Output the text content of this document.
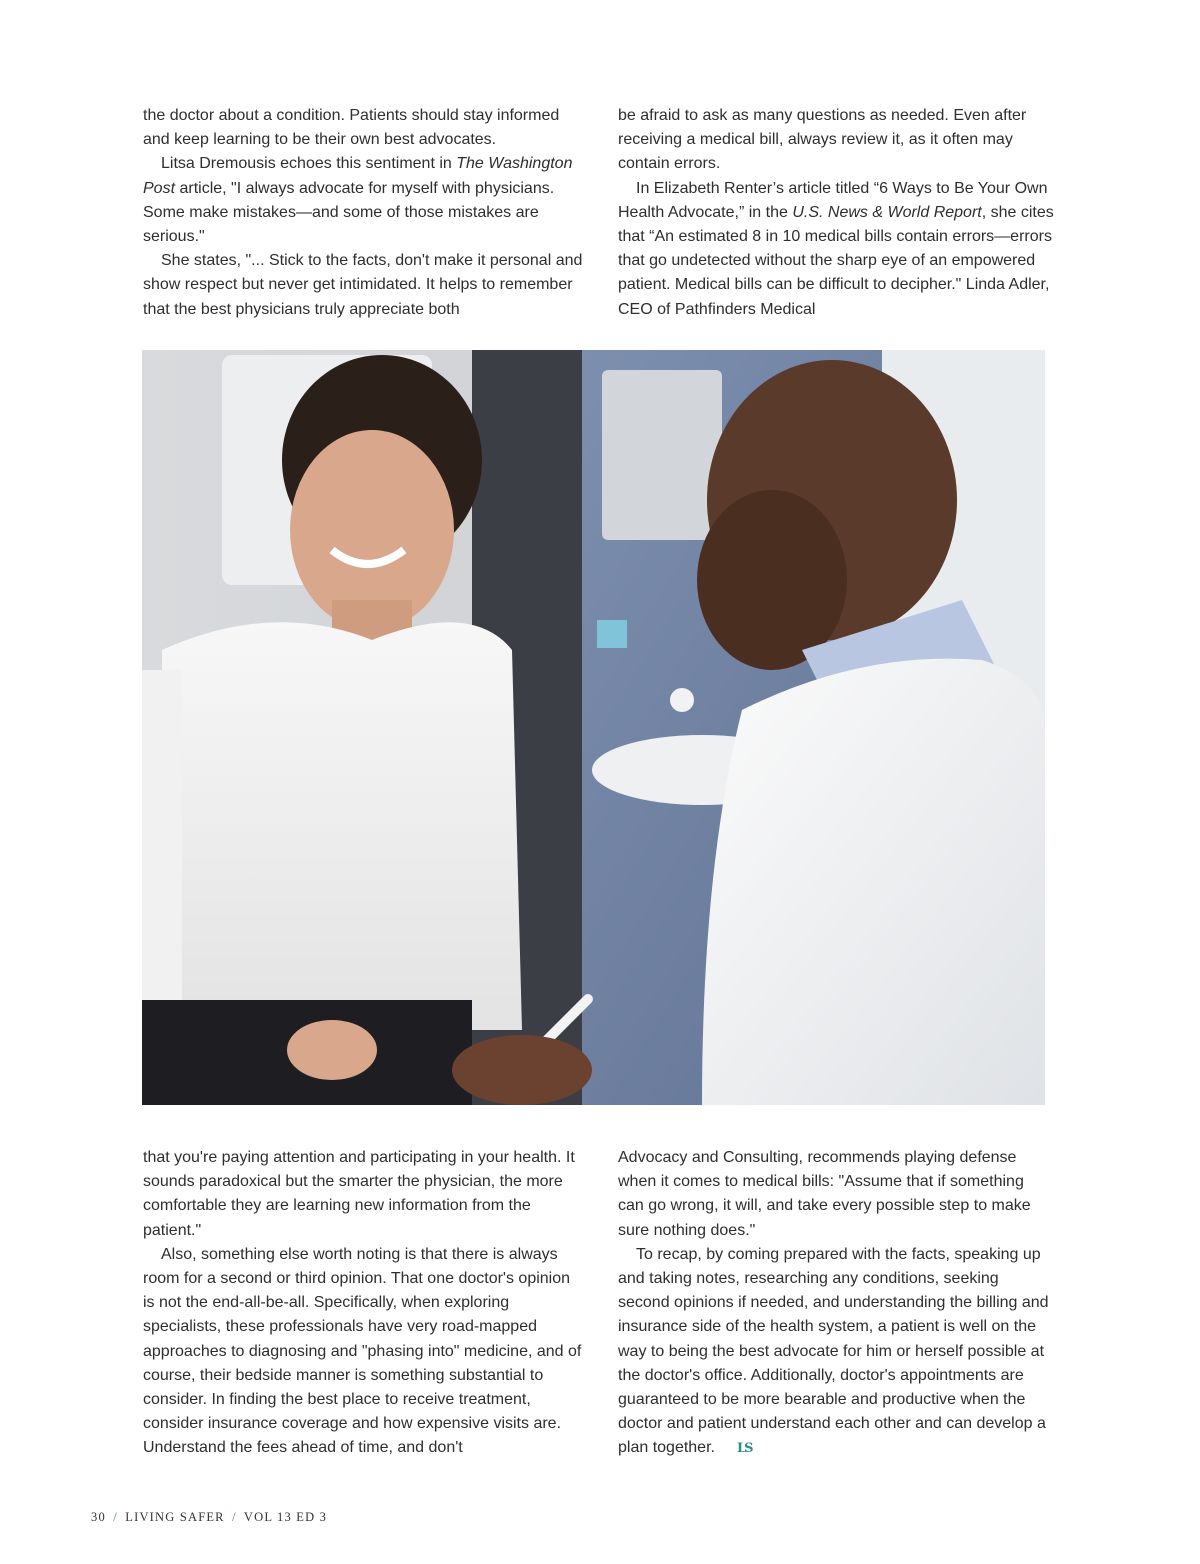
the doctor about a condition. Patients should stay informed and keep learning to be their own best advocates.

Litsa Dremousis echoes this sentiment in The Washington Post article, "I always advocate for myself with physicians. Some make mistakes—and some of those mistakes are serious."

She states, "... Stick to the facts, don't make it personal and show respect but never get intimidated. It helps to remember that the best physicians truly appreciate both

be afraid to ask as many questions as needed. Even after receiving a medical bill, always review it, as it often may contain errors.

In Elizabeth Renter’s article titled “6 Ways to Be Your Own Health Advocate,” in the U.S. News & World Report, she cites that “An estimated 8 in 10 medical bills contain errors—errors that go undetected without the sharp eye of an empowered patient. Medical bills can be difficult to decipher." Linda Adler, CEO of Pathfinders Medical

that you're paying attention and participating in your health. It sounds paradoxical but the smarter the physician, the more comfortable they are learning new information from the patient."

Also, something else worth noting is that there is always room for a second or third opinion. That one doctor's opinion is not the end-all-be-all. Specifically, when exploring specialists, these professionals have very road-mapped approaches to diagnosing and "phasing into" medicine, and of course, their bedside manner is something substantial to consider. In finding the best place to receive treatment, consider insurance coverage and how expensive visits are. Understand the fees ahead of time, and don't

Advocacy and Consulting, recommends playing defense when it comes to medical bills: "Assume that if something can go wrong, it will, and take every possible step to make sure nothing does."

To recap, by coming prepared with the facts, speaking up and taking notes, researching any conditions, seeking second opinions if needed, and understanding the billing and insurance side of the health system, a patient is well on the way to being the best advocate for him or herself possible at the doctor's office. Additionally, doctor's appointments are guaranteed to be more bearable and productive when the doctor and patient understand each other and can develop a plan together. LS

30 / LIVING SAFER / VOL 13 ED 3
